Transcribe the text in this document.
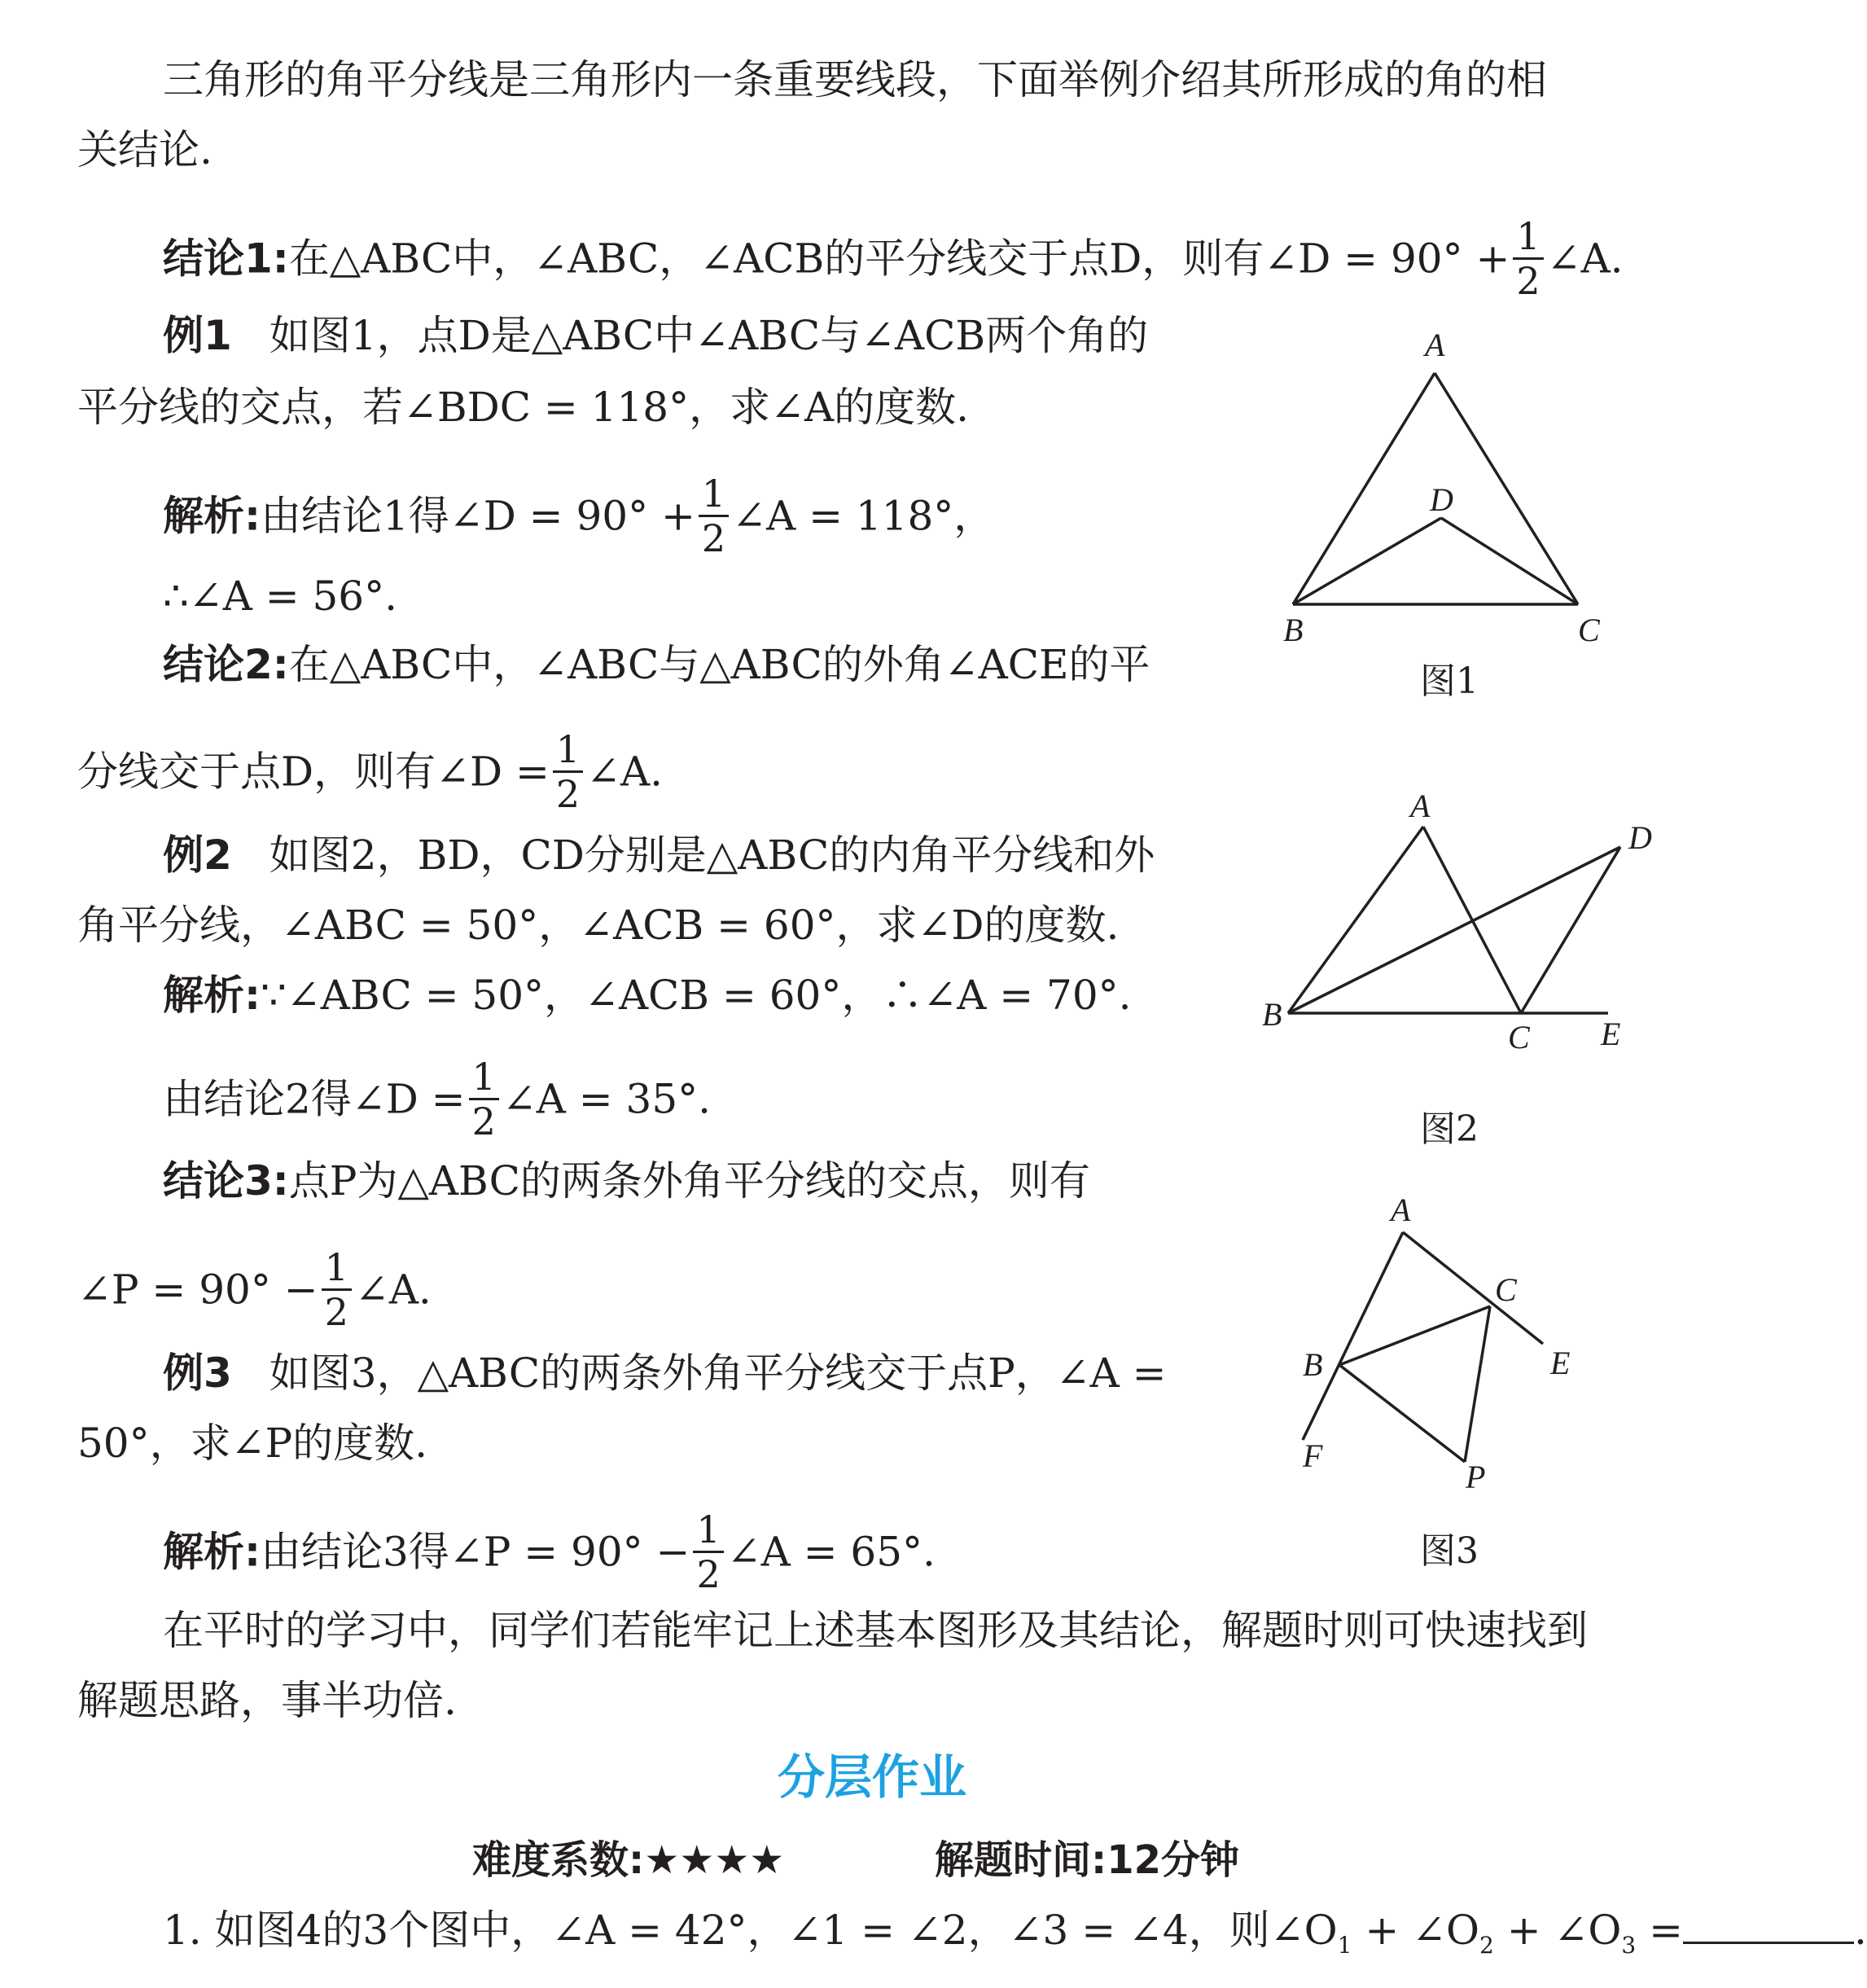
三角形的角平分线是三角形内一条重要线段，下面举例介绍其所形成的角的相
关结论.
结论1:在△ABC中，∠ABC，∠ACB的平分线交于点D，则有∠D = $90^\circ + \frac{1}{2}$ ∠A.
例1 如图1，点D是△ABC中∠ABC与∠ACB两个角的
平分线的交点，若∠BDC = 118°，求∠A的度数.
解析:由结论1得∠D = $90^\circ + \frac{1}{2}$ ∠A = 118°，
∴∠A = 56°.
结论2:在△ABC中，∠ABC与△ABC的外角∠ACE的平
分线交于点D，则有∠D = $\frac{1}{2}$ ∠A.
例2 如图2，BD，CD分别是△ABC的内角平分线和外
角平分线，∠ABC = 50°，∠ACB = 60°，求∠D的度数.
解析:∵∠ABC = 50°，∠ACB = 60°，∴∠A = 70°.
由结论2得∠D = $\frac{1}{2}$ ∠A = 35°.
结论3:点P为△ABC的两条外角平分线的交点，则有
∠P = $90^\circ - \frac{1}{2}$ ∠A.
例3 如图3，△ABC的两条外角平分线交于点P，∠A =
50°，求∠P的度数.
解析:由结论3得∠P = $90^\circ - \frac{1}{2}$ ∠A = 65°.
在平时的学习中，同学们若能牢记上述基本图形及其结论，解题时则可快速找到
解题思路，事半功倍.
分层作业
难度系数:★★★★	解题时间:12分钟
1. 如图4的3个图中，∠A = 42°，∠1 = ∠2，∠3 = ∠4，则$\angle O_1$ + $\angle O_2$ + $\angle O_3$ =	.
A
D
B	C
图1
A
D
B
C E
图2
A
C
B	E
F
P
图3
